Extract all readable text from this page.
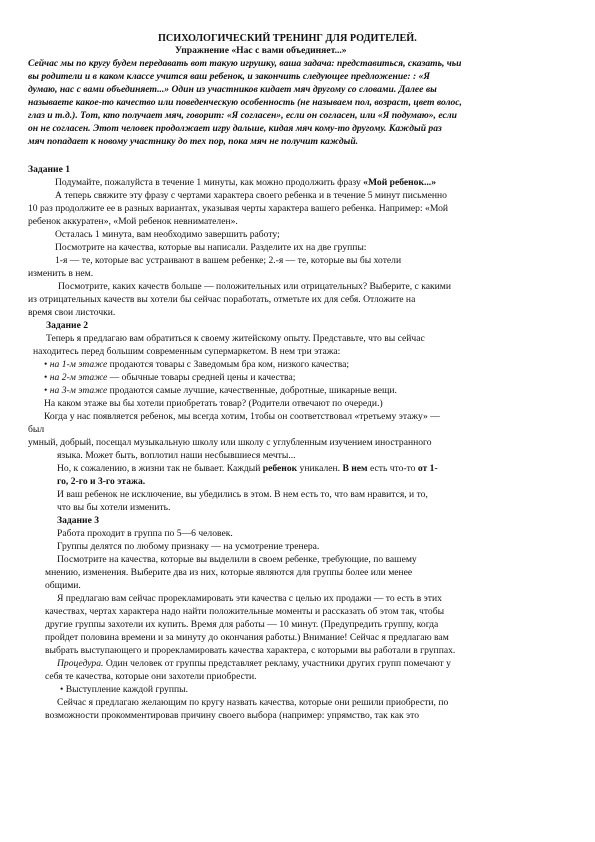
ПСИХОЛОГИЧЕСКИЙ ТРЕНИНГ ДЛЯ РОДИТЕЛЕЙ.
Упражнение «Нас с вами объединяет...»
Сейчас мы по кругу будем передавать вот такую игрушку, ваша задача: представиться, сказать, чьи
вы родители и в каком классе учится ваш ребенок, и закончить следующее предложение: : «Я
думаю, нас с вами объединяет...» Один из участников кидает мяч другому со словами. Далее вы
называете какое-то качество или поведенческую особенность (не называем пол, возраст, цвет волос,
глаз и т.д.). Тот, кто получает мяч, говорит: «Я согласен», если он согласен, или «Я подумаю», если
он не согласен. Этот человек продолжает игру дальше, кидая мяч кому-то другому. Каждый раз
мяч попадает к новому участнику до тех пор, пока мяч не получит каждый.
Задание 1
Подумайте, пожалуйста в течение 1 минуты, как можно продолжить фразу «Мой ребенок...»
А теперь свяжите эту фразу с чертами характера своего ребенка и в течение 5 минут письменно
10 раз продолжите ее в разных вариантах, указывая черты характера вашего ребенка. Например: «Мой
ребенок аккуратен», «Мой ребенок невнимателен».
Осталась 1 минута, вам необходимо завершить работу;
Посмотрите на качества, которые вы написали. Разделите их на две группы:
1-я — те, которые вас устраивают в вашем ребенке; 2.-я — те, которые вы бы хотели
изменить в нем.
Посмотрите, каких качеств больше — положительных или отрицательных? Выберите, с какими
из отрицательных качеств вы хотели бы сейчас поработать, отметьте их для себя. Отложите на
время свои листочки.
Задание 2
Теперь я предлагаю вам обратиться к своему житейскому опыту. Представьте, что вы сейчас
находитесь перед большим современным супермаркетом. В нем три этажа:
• на 1-м этаже продаются товары с Заведомым бра ком, низкого качества;
• на 2-м этаже — обычные товары средней цены и качества;
• на 3-м этаже продаются самые лучшие, качественные, добротные, шикарные вещи.
На каком этаже вы бы хотели приобретать товар? (Родители отвечают по очереди.)
Когда у нас появляется ребенок, мы всегда хотим, 1тобы он соответствовал «третьему этажу» —
был
умный, добрый, посещал музыкальную школу или школу с углубленным изучением иностранного
языка. Может быть, воплотил наши несбывшиеся мечты...
Но, к сожалению, в жизни так не бывает. Каждый ребенок уникален. В нем есть что-то от 1-
го, 2-го и 3-го этажа.
И ваш ребенок не исключение, вы убедились в этом. В нем есть то, что вам нравится, и то,
что вы бы хотели изменить.
Задание 3
Работа проходит в группа по 5—6 человек.
Группы делятся по любому признаку — на усмотрение тренера.
Посмотрите на качества, которые вы выделили в своем ребенке, требующие, по вашему
мнению, изменения. Выберите два из них, которые являются для группы более или менее
общими.
Я предлагаю вам сейчас прорекламировать эти качества с целью их продажи — то есть в этих
качествах, чертах характера надо найти положительные моменты и рассказать об этом так, чтобы
другие группы захотели их купить. Время для работы — 10 минут. (Предупредить группу, когда
пройдет половина времени и за минуту до окончания работы.) Внимание! Сейчас я предлагаю вам
выбрать выступающего и прорекламировать качества характера, с которыми вы работали в группах.
Процедура. Один человек от группы представляет рекламу, участники других групп помечают у
себя те качества, которые они захотели приобрести.
• Выступление каждой группы.
Сейчас я предлагаю желающим по кругу назвать качества, которые они решили приобрести, по
возможности прокомментировав причину своего выбора (например: упрямство, так как это
